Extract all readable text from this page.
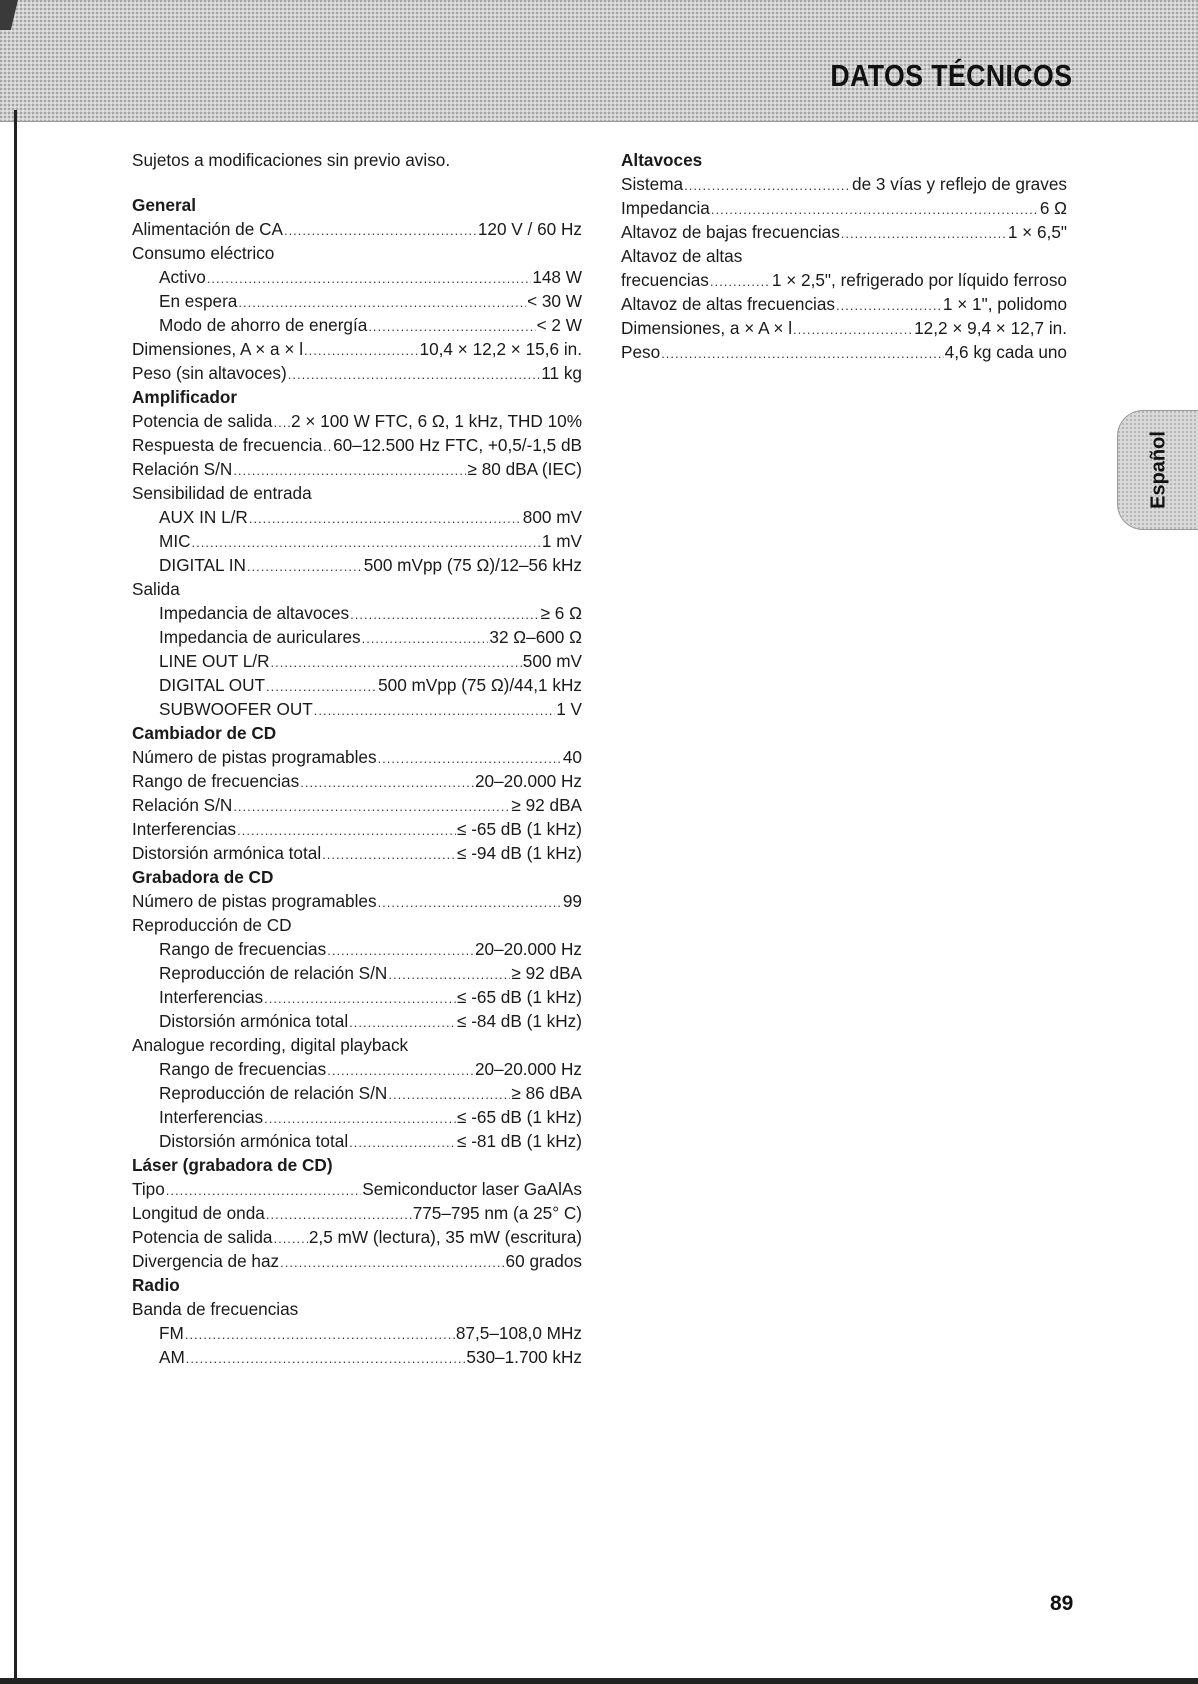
DATOS TÉCNICOS
Sujetos a modificaciones sin previo aviso.
General
Alimentación de CA .....	120 V / 60 Hz
Consumo eléctrico
Activo .....	148 W
En espera .....	< 30 W
Modo de ahorro de energía .....	< 2 W
Dimensiones, A × a × l .....	10,4 × 12,2 × 15,6 in.
Peso (sin altavoces) .....	11 kg
Amplificador
Potencia de salida ..... 2 × 100 W FTC, 6 Ω, 1 kHz, THD 10%
Respuesta de frecuencia ..... 60–12.500 Hz FTC, +0,5/-1,5 dB
Relación S/N .....	≥ 80 dBA (IEC)
Sensibilidad de entrada
AUX IN L/R .....	800 mV
MIC .....	1 mV
DIGITAL IN .....	500 mVpp (75 Ω)/12–56 kHz
Salida
Impedancia de altavoces .....	≥ 6 Ω
Impedancia de auriculares .....	32 Ω–600 Ω
LINE OUT L/R .....	500 mV
DIGITAL OUT .....	500 mVpp (75 Ω)/44,1 kHz
SUBWOOFER OUT .....	1 V
Cambiador de CD
Número de pistas programables .....	40
Rango de frecuencias .....	20–20.000 Hz
Relación S/N .....	≥ 92 dBA
Interferencias .....	≤ -65 dB (1 kHz)
Distorsión armónica total .....	≤ -94 dB (1 kHz)
Grabadora de CD
Número de pistas programables .....	99
Reproducción de CD
Rango de frecuencias .....	20–20.000 Hz
Reproducción de relación S/N .....	≥ 92 dBA
Interferencias .....	≤ -65 dB (1 kHz)
Distorsión armónica total .....	≤ -84 dB (1 kHz)
Analogue recording, digital playback
Rango de frecuencias .....	20–20.000 Hz
Reproducción de relación S/N .....	≥ 86 dBA
Interferencias .....	≤ -65 dB (1 kHz)
Distorsión armónica total .....	≤ -81 dB (1 kHz)
Láser (grabadora de CD)
Tipo .....	Semiconductor laser GaAlAs
Longitud de onda .....	775–795 nm (a 25° C)
Potencia de salida ..... 2,5 mW (lectura), 35 mW (escritura)
Divergencia de haz .....	60 grados
Radio
Banda de frecuencias
FM .....	87,5–108,0 MHz
AM .....	530–1.700 kHz
Altavoces
Sistema .....	de 3 vías y reflejo de graves
Impedancia .....	6 Ω
Altavoz de bajas frecuencias .....	1 × 6,5"
Altavoz de altas
frecuencias .....	1 × 2,5", refrigerado por líquido ferroso
Altavoz de altas frecuencias .....	1 × 1", polidomo
Dimensiones, a × A × l .....	12,2 × 9,4 × 12,7 in.
Peso .....	4,6 kg cada uno
Español
89
